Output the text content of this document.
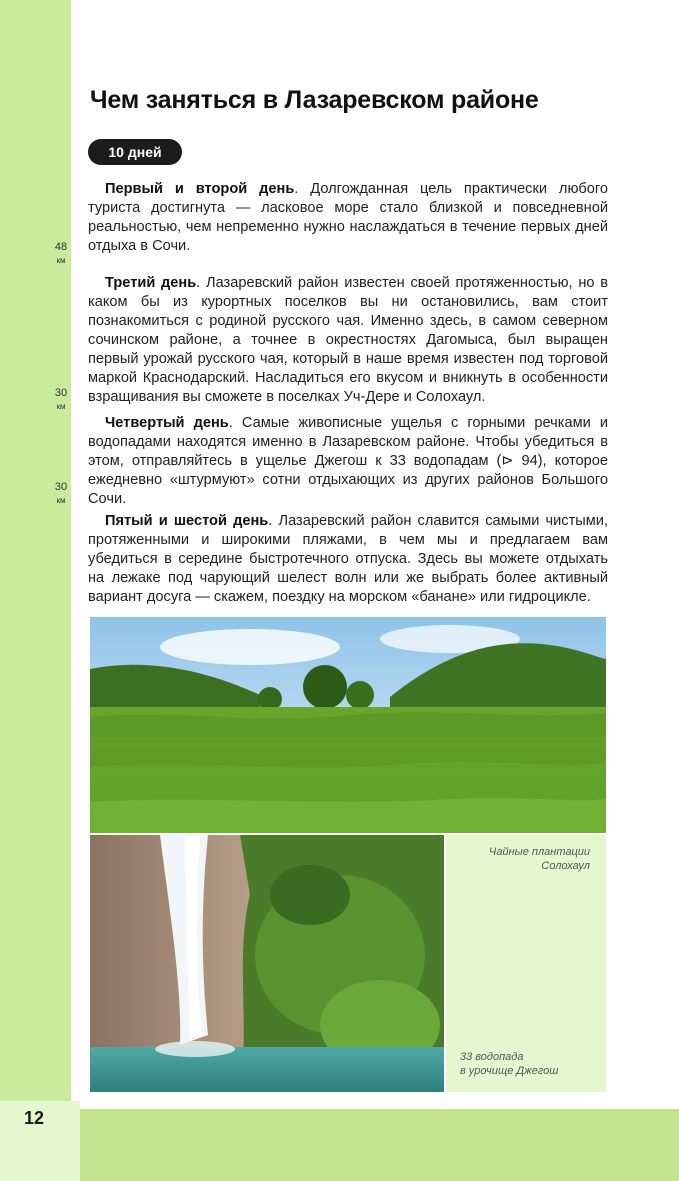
12
Чем заняться в Лазаревском районе
10 дней

Первый и второй день. Долгожданная цель практически любого туриста достигнута — ласковое море стало близкой и повседневной реальностью, чем непременно нужно наслаждаться в течение первых дней отдыха в Сочи.

Третий день. Лазаревский район известен своей протяженностью, но в каком бы из курортных поселков вы ни остановились, вам стоит познакомиться с родиной русского чая. Именно здесь, в самом северном сочинском районе, а точнее в окрестностях Дагомыса, был выращен первый урожай русского чая, который в наше время известен под торговой маркой Краснодарский. Насладиться его вкусом и вникнуть в особенности взращивания вы сможете в поселках Уч-Дере и Солохаул.

Четвертый день. Самые живописные ущелья с горными речками и водопадами находятся именно в Лазаревском районе. Чтобы убедиться в этом, отправляйтесь в ущелье Джегош к 33 водопадам (⊳ 94), которое ежедневно «штурмуют» сотни отдыхающих из других районов Большого Сочи.

Пятый и шестой день. Лазаревский район славится самыми чистыми, протяженными и широкими пляжами, в чем мы и предлагаем вам убедиться в середине быстротечного отпуска. Здесь вы можете отдыхать на лежаке под чарующий шелест волн или же выбрать более активный вариант досуга — скажем, поездку на морском «банане» или гидроцикле.

48
км
30
км
30
км
Чайные плантации
Солохаул
33 водопада
в урочище Джегош
